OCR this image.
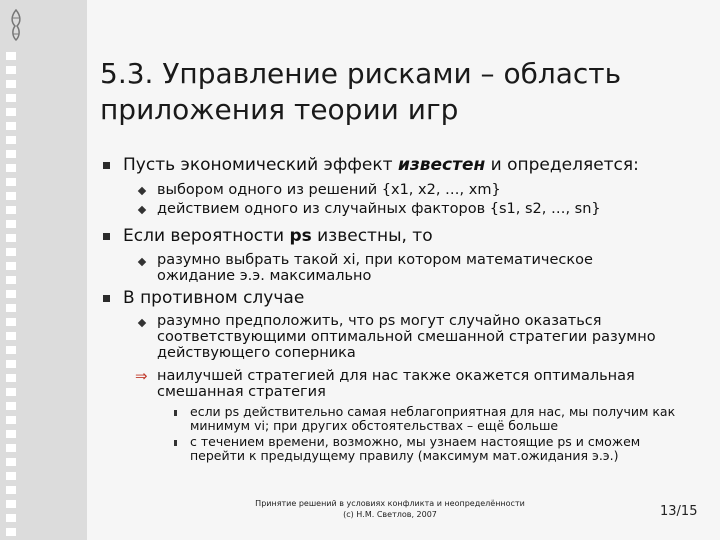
5.3. Управление рисками – область
приложения теории игр
Пусть экономический эффект известен и определяется:
выбором одного из решений {x1, x2, …, xm}
действием одного из случайных факторов {s1, s2, …, sn}
Если вероятности ps известны, то
разумно выбрать такой xi, при котором математическое
ожидание э.э. максимально
В противном случае
разумно предположить, что ps могут случайно оказаться
соответствующими оптимальной смешанной стратегии разумно
действующего соперника
⇒ наилучшей стратегией для нас также окажется оптимальная
смешанная стратегия
если ps действительно самая неблагоприятная для нас, мы получим как
минимум vi; при других обстоятельствах – ещё больше
с течением времени, возможно, мы узнаем настоящие ps и сможем
перейти к предыдущему правилу (максимум мат.ожидания э.э.)
Принятие решений в условиях конфликта и неопределённости
(c) Н.М. Светлов, 2007	13/15
